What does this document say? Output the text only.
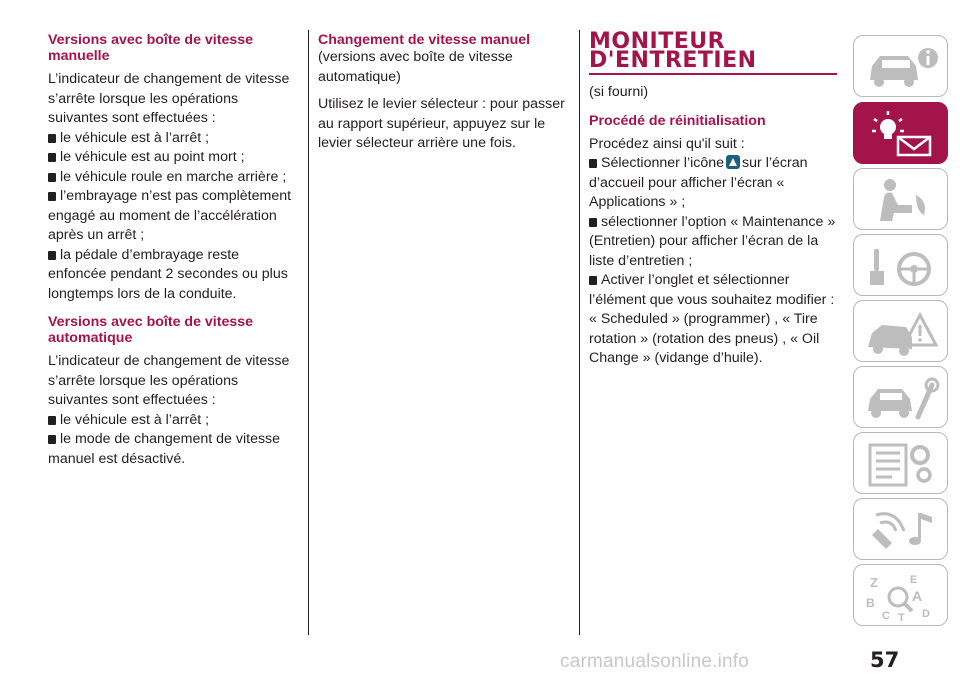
Versions avec boîte de vitesse manuelle

L’indicateur de changement de vitesse s’arrête lorsque les opérations suivantes sont effectuées :

le véhicule est à l’arrêt ;

le véhicule est au point mort ;

le véhicule roule en marche arrière ;

l’embrayage n’est pas complètement engagé au moment de l’accélération après un arrêt ;

la pédale d’embrayage reste enfoncée pendant 2 secondes ou plus longtemps lors de la conduite.

Versions avec boîte de vitesse automatique

L’indicateur de changement de vitesse s’arrête lorsque les opérations suivantes sont effectuées :

le véhicule est à l’arrêt ;

le mode de changement de vitesse manuel est désactivé.

Changement de vitesse manuel

(versions avec boîte de vitesse automatique)

Utilisez le levier sélecteur : pour passer au rapport supérieur, appuyez sur le levier sélecteur arrière une fois.

MONITEUR
D'ENTRETIEN

(si fourni)

Procédé de réinitialisation

Procédez ainsi qu'il suit :

Sélectionner l’icône sur l’écran d’accueil pour afficher l’écran « Applications » ;

sélectionner l’option « Maintenance » (Entretien) pour afficher l’écran de la liste d’entretien ;

Activer l’onglet et sélectionner l’élément que vous souhaitez modifier : « Scheduled » (programmer) , « Tire rotation » (rotation des pneus) , « Oil Change » (vidange d’huile).

Z	E
B	A
C T D
57
carmanualsonline.info
